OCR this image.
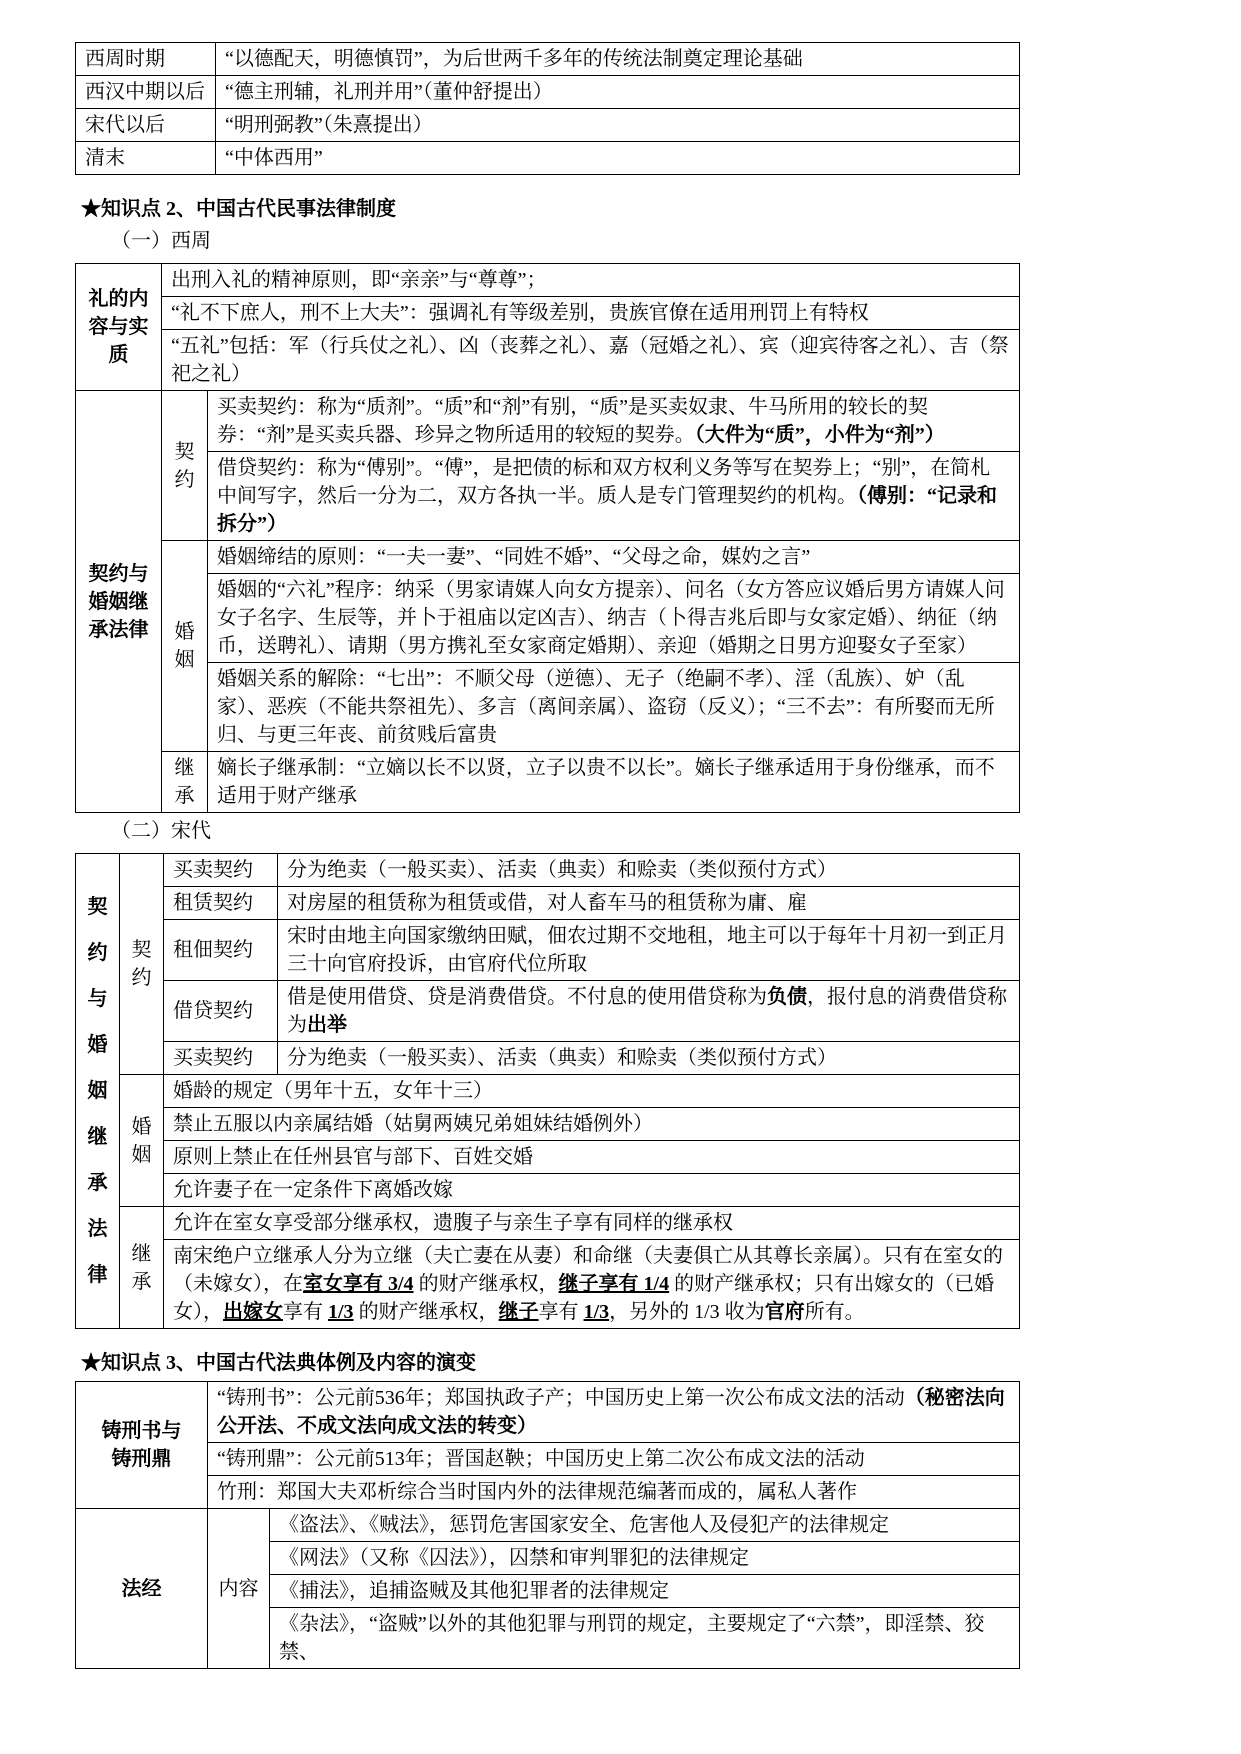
西周时期	“以德配天，明德慎罚”，为后世两千多年的传统法制奠定理论基础
西汉中期以后	“德主刑辅，礼刑并用”（董仲舒提出）
宋代以后	“明刑弼教”（朱熹提出）
清末	“中体西用”
★知识点 2、中国古代民事法律制度
（一）西周
礼的内容与实质	出刑入礼的精神原则，即“亲亲”与“尊尊”；	
	“礼不下庶人，刑不上大夫”：强调礼有等级差别，贵族官僚在适用刑罚上有特权	
	“五礼”包括：军（行兵仗之礼）、凶（丧葬之礼）、嘉（冠婚之礼）、宾（迎宾待客之礼）、吉（祭祀之礼）	
契约与婚姻继承法律	契约	买卖契约：称为“质剂”。“质”和“剂”有别，“质”是买卖奴隶、牛马所用的较长的契券：“剂”是买卖兵器、珍异之物所适用的较短的契券。（大件为“质”，小件为“剂”）
		借贷契约：称为“傅别”。“傅”，是把债的标和双方权利义务等写在契券上；“别”，在简札中间写字，然后一分为二，双方各执一半。质人是专门管理契约的机构。（傅别：“记录和拆分”）
	婚姻	婚姻缔结的原则：“一夫一妻”、“同姓不婚”、“父母之命，媒妁之言”
		婚姻的“六礼”程序：纳采（男家请媒人向女方提亲）、问名（女方答应议婚后男方请媒人问女子名字、生辰等，并卜于祖庙以定凶吉）、纳吉（卜得吉兆后即与女家定婚）、纳征（纳币，送聘礼）、请期（男方携礼至女家商定婚期）、亲迎（婚期之日男方迎娶女子至家）
		婚姻关系的解除：“七出”：不顺父母（逆德）、无子（绝嗣不孝）、淫（乱族）、妒（乱家）、恶疾（不能共祭祖先）、多言（离间亲属）、盗窃（反义）；“三不去”：有所娶而无所归、与更三年丧、前贫贱后富贵
	继承	嫡长子继承制：“立嫡以长不以贤，立子以贵不以长”。嫡长子继承适用于身份继承，而不适用于财产继承
（二）宋代
契约与婚姻继承法律	契约	买卖契约	分为绝卖（一般买卖）、活卖（典卖）和赊卖（类似预付方式）
		租赁契约	对房屋的租赁称为租赁或借，对人畜车马的租赁称为庸、雇
		租佃契约	宋时由地主向国家缴纳田赋，佃农过期不交地租，地主可以于每年十月初一到正月三十向官府投诉，由官府代位所取
		借贷契约	借是使用借贷、贷是消费借贷。不付息的使用借贷称为负债，报付息的消费借贷称为出举
		买卖契约	分为绝卖（一般买卖）、活卖（典卖）和赊卖（类似预付方式）
	婚姻	婚龄的规定（男年十五，女年十三）	
		禁止五服以内亲属结婚（姑舅两姨兄弟姐妹结婚例外）	
		原则上禁止在任州县官与部下、百姓交婚	
		允许妻子在一定条件下离婚改嫁	
	继承	允许在室女享受部分继承权，遗腹子与亲生子享有同样的继承权	
		南宋绝户立继承人分为立继（夫亡妻在从妻）和命继（夫妻俱亡从其尊长亲属）。只有在室女的（未嫁女），在室女享有 3/4 的财产继承权，继子享有 1/4 的财产继承权；只有出嫁女的（已婚女），出嫁女享有 1/3 的财产继承权，继子享有 1/3，另外的 1/3 收为官府所有。	
★知识点 3、中国古代法典体例及内容的演变
铸刑书与铸刑鼎	“铸刑书”：公元前536年；郑国执政子产；中国历史上第一次公布成文法的活动（秘密法向公开法、不成文法向成文法的转变）	
	“铸刑鼎”：公元前513年；晋国赵鞅；中国历史上第二次公布成文法的活动	
	竹刑：郑国大夫邓析综合当时国内外的法律规范编著而成的，属私人著作	
法经	内容	《盗法》、《贼法》，惩罚危害国家安全、危害他人及侵犯产的法律规定
		《网法》（又称《囚法》），囚禁和审判罪犯的法律规定
		《捕法》，追捕盗贼及其他犯罪者的法律规定
		《杂法》，“盗贼”以外的其他犯罪与刑罚的规定，主要规定了“六禁”，即淫禁、狡禁、
